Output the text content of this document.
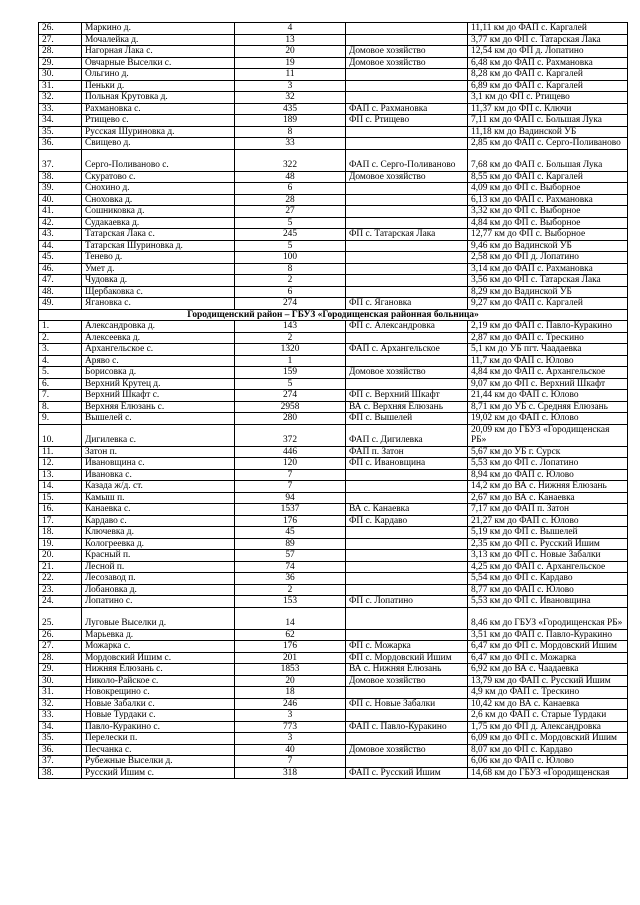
26.	Маркино д.	4		11,11 км до ФАП с. Каргалей
27.	Мочалейка д.	13		3,77 км до ФП с. Татарская Лака
28.	Нагорная Лака с.	20	Домовое хозяйство	12,54 км до ФП д. Лопатино
29.	Овчарные Выселки с.	19	Домовое хозяйство	6,48 км до ФАП с. Рахмановка
30.	Ольгино д.	11		8,28 км до ФАП с. Каргалей
31.	Пеньки д.	3		6,89 км до ФАП с. Каргалей
32.	Польная Крутовка д.	32		3,1 км до ФП с. Ртищево
33.	Рахмановка с.	435	ФАП с. Рахмановка	11,37 км до ФП с. Ключи
34.	Ртищево с.	189	ФП с. Ртищево	7,11 км до ФАП с. Большая Лука
35.	Русская Шуриновка д.	8		11,18 км до Вадинской УБ
36.	Свищево д.	33		2,85 км до ФАП с. Серго-Поливаново
37.	Серго-Поливаново с.	322	ФАП с. Серго-Поливаново	7,68 км до ФАП с. Большая Лука
38.	Скуратово с.	48	Домовое хозяйство	8,55 км до ФАП с. Каргалей
39.	Снохино д.	6		4,09 км до ФП с. Выборное
40.	Сноховка д.	28		6,13 км до ФАП с. Рахмановка
41.	Сошниковка д.	27		3,32 км до ФП с. Выборное
42.	Судакаевка д.	5		4,84 км до ФП с. Выборное
43.	Татарская Лака с.	245	ФП с. Татарская Лака	12,77 км до ФП с. Выборное
44.	Татарская Шуриновка д.	5		9,46 км до Вадинской УБ
45.	Тенево д.	100		2,58 км до ФП д. Лопатино
46.	Умет д.	8		3,14 км до ФАП с. Рахмановка
47.	Чудовка д.	2		3,56 км до ФП с. Татарская Лака
48.	Щербаковка с.	6		8,29 км до Вадинской УБ
49.	Ягановка с.	274	ФП с. Ягановка	9,27 км до ФАП с. Каргалей
Городищенский район – ГБУЗ «Городищенская районная больница»				
1.	Александровка д.	143	ФП с. Александровка	2,19 км до ФАП с. Павло-Куракино
2.	Алексеевка д.	2		2,87 км до ФАП с. Трескино
3.	Архангельское с.	1320	ФАП с. Архангельское	5,1 км до УБ пгт. Чаадаевка
4.	Аряво с.	1		11,7 км до ФАП с. Юлово
5.	Борисовка д.	159	Домовое хозяйство	4,84 км до ФАП с. Архангельское
6.	Верхний Крутец д.	5		9,07 км до ФП с. Верхний Шкафт
7.	Верхний Шкафт с.	274	ФП с. Верхний Шкафт	21,44 км до ФАП с. Юлово
8.	Верхняя Елюзань с.	2958	ВА с. Верхняя Елюзань	8,71 км до УБ с. Средняя Елюзань
9.	Вышелей с.	280	ФП с. Вышелей	19,02 км до ФАП с. Юлово
10.	Дигилевка с.	372	ФАП с. Дигилевка	20,09 км до ГБУЗ «Городищенская РБ»
11.	Затон п.	446	ФАП п. Затон	5,67 км до УБ г. Сурск
12.	Ивановщина с.	120	ФП с. Ивановщина	5,53 км до ФП с. Лопатино
13.	Ивановка с.	7		8,94 км до ФАП с. Юлово
14.	Казада ж/д. ст.	7		14,2 км до ВА с. Нижняя Елюзань
15.	Камыш п.	94		2,67 км до ВА с. Канаевка
16.	Канаевка с.	1537	ВА с. Канаевка	7,17 км до ФАП п. Затон
17.	Кардаво с.	176	ФП с. Кардаво	21,27 км до ФАП с. Юлово
18.	Ключевка д.	45		5,19 км до ФП с. Вышелей
19.	Кологреевка д.	89		2,35 км до ФП с. Русский Ишим
20.	Красный п.	57		3,13 км до ФП с. Новые Забалки
21.	Лесной п.	74		4,25 км до ФАП с. Архангельское
22.	Лесозавод п.	36		5,54 км до ФП с. Кардаво
23.	Лобановка д.	2		8,77 км до ФАП с. Юлово
24.	Лопатино с.	153	ФП с. Лопатино	5,53 км до ФП с. Ивановщина
25.	Луговые Выселки д.	14		8,46 км до ГБУЗ «Городищенская РБ»
26.	Марьевка д.	62		3,51 км до ФАП с. Павло-Куракино
27.	Можарка с.	176	ФП с. Можарка	6,47 км до ФП с. Мордовский Ишим
28.	Мордовский Ишим с.	201	ФП с. Мордовский Ишим	6,47 км до ФП с. Можарка
29.	Нижняя Елюзань с.	1853	ВА с. Нижняя Елюзань	6,92 км до ВА с. Чаадаевка
30.	Николо-Райское с.	20	Домовое хозяйство	13,79 км до ФАП с. Русский Ишим
31.	Новокрещино с.	18		4,9 км до ФАП с. Трескино
32.	Новые Забалки с.	246	ФП с. Новые Забалки	10,42 км до ВА с. Канаевка
33.	Новые Турдаки с.	3		2,6 км до ФАП с. Старые Турдаки
34.	Павло-Куракино с.	773	ФАП с. Павло-Куракино	1,75 км до ФП д. Александровка
35.	Перелески п.	3		6,09 км до ФП с. Мордовский Ишим
36.	Песчанка с.	40	Домовое хозяйство	8,07 км до ФП с. Кардаво
37.	Рубежные Выселки д.	7		6,06 км до ФАП с. Юлово
38.	Русский Ишим с.	318	ФАП с. Русский Ишим	14,68 км до ГБУЗ «Городищенская
